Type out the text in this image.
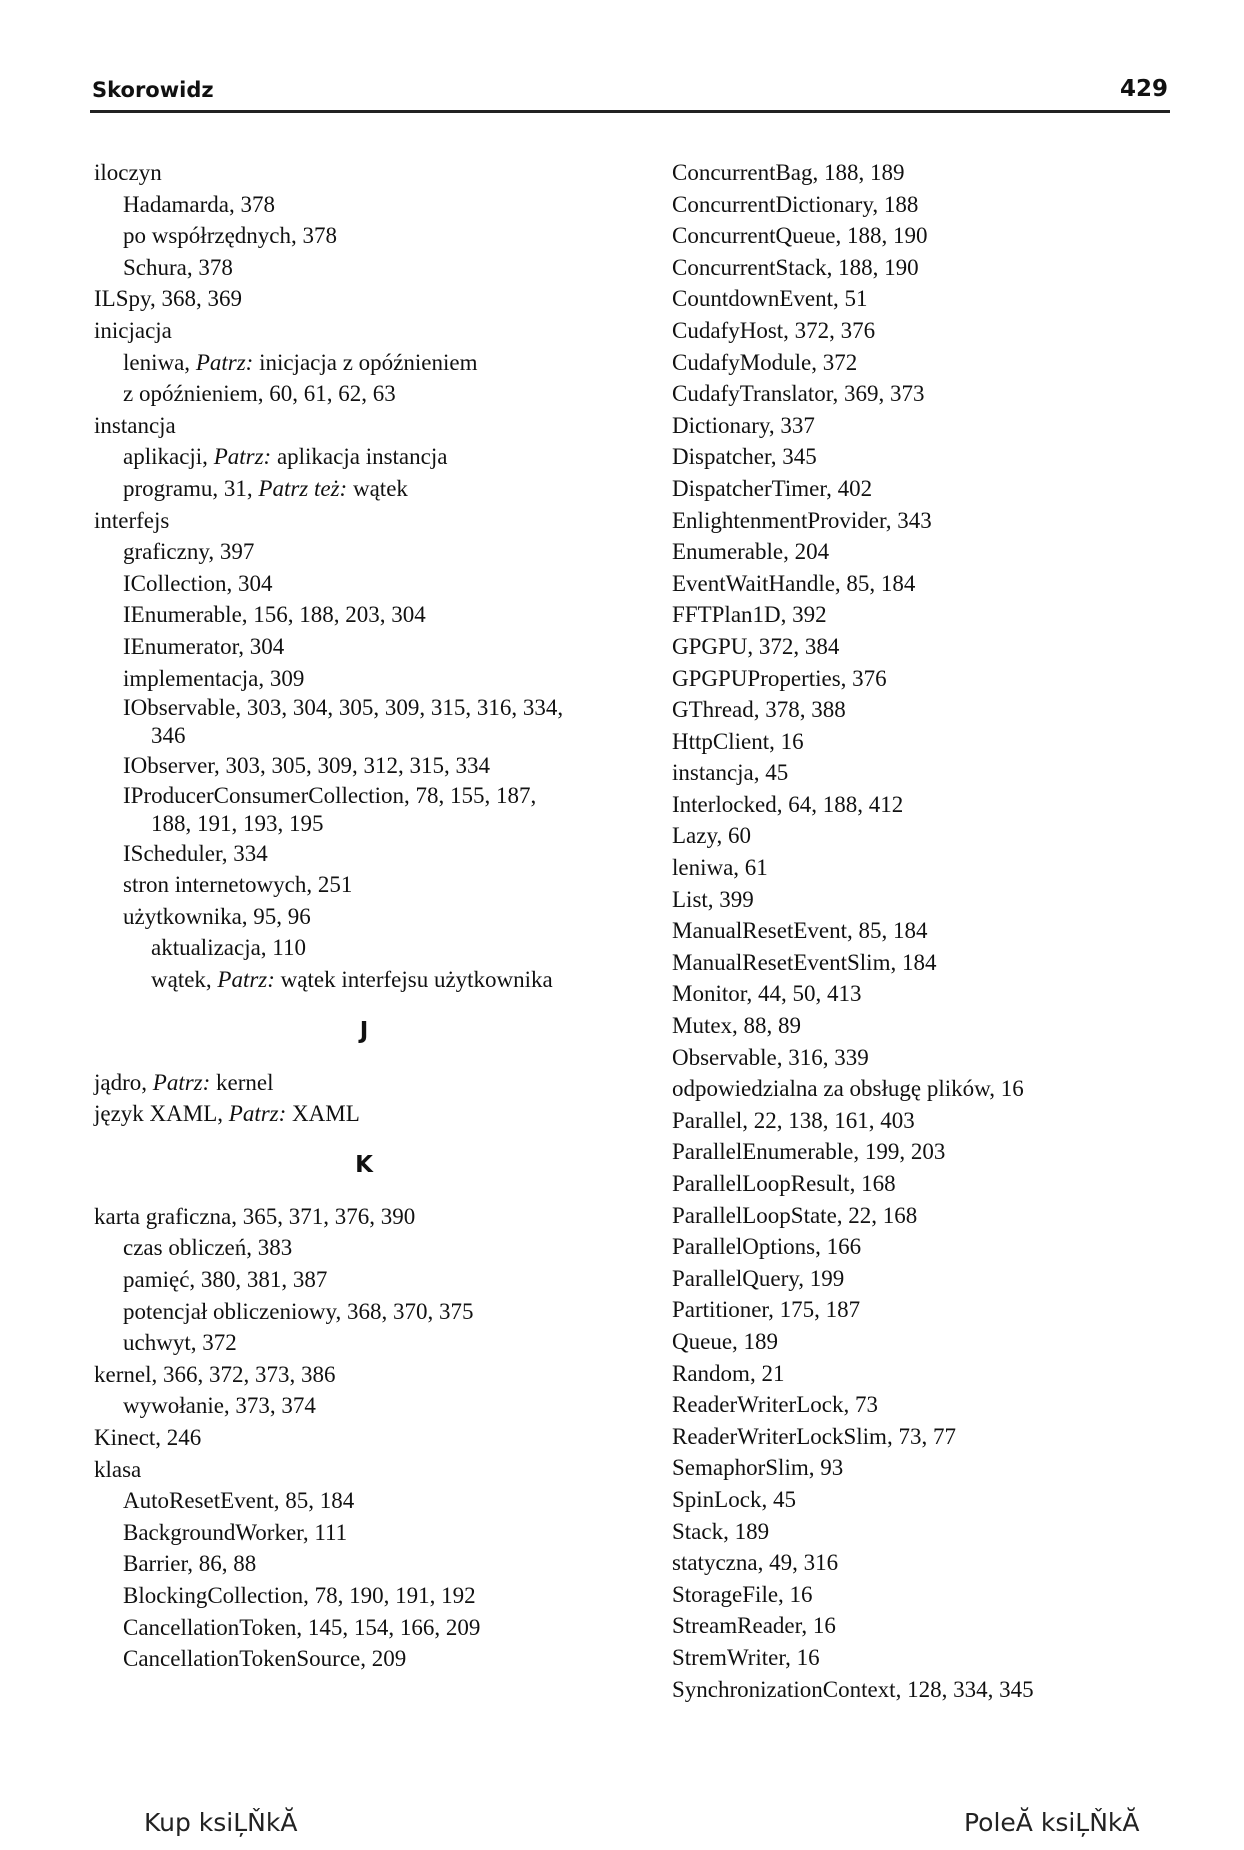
Skorowidz	429
iloczyn
Hadamarda, 378
po współrzędnych, 378
Schura, 378
ILSpy, 368, 369
inicjacja
leniwa, Patrz: inicjacja z opóźnieniem
z opóźnieniem, 60, 61, 62, 63
instancja
aplikacji, Patrz: aplikacja instancja
programu, 31, Patrz też: wątek
interfejs
graficzny, 397
ICollection, 304
IEnumerable, 156, 188, 203, 304
IEnumerator, 304
implementacja, 309
IObservable, 303, 304, 305, 309, 315, 316, 334,
346
IObserver, 303, 305, 309, 312, 315, 334
IProducerConsumerCollection, 78, 155, 187,
188, 191, 193, 195
IScheduler, 334
stron internetowych, 251
użytkownika, 95, 96
aktualizacja, 110
wątek, Patrz: wątek interfejsu użytkownika
J
jądro, Patrz: kernel
język XAML, Patrz: XAML
K
karta graficzna, 365, 371, 376, 390
czas obliczeń, 383
pamięć, 380, 381, 387
potencjał obliczeniowy, 368, 370, 375
uchwyt, 372
kernel, 366, 372, 373, 386
wywołanie, 373, 374
Kinect, 246
klasa
AutoResetEvent, 85, 184
BackgroundWorker, 111
Barrier, 86, 88
BlockingCollection, 78, 190, 191, 192
CancellationToken, 145, 154, 166, 209
CancellationTokenSource, 209
ConcurrentBag, 188, 189
ConcurrentDictionary, 188
ConcurrentQueue, 188, 190
ConcurrentStack, 188, 190
CountdownEvent, 51
CudafyHost, 372, 376
CudafyModule, 372
CudafyTranslator, 369, 373
Dictionary, 337
Dispatcher, 345
DispatcherTimer, 402
EnlightenmentProvider, 343
Enumerable, 204
EventWaitHandle, 85, 184
FFTPlan1D, 392
GPGPU, 372, 384
GPGPUProperties, 376
GThread, 378, 388
HttpClient, 16
instancja, 45
Interlocked, 64, 188, 412
Lazy, 60
leniwa, 61
List, 399
ManualResetEvent, 85, 184
ManualResetEventSlim, 184
Monitor, 44, 50, 413
Mutex, 88, 89
Observable, 316, 339
odpowiedzialna za obsługę plików, 16
Parallel, 22, 138, 161, 403
ParallelEnumerable, 199, 203
ParallelLoopResult, 168
ParallelLoopState, 22, 168
ParallelOptions, 166
ParallelQuery, 199
Partitioner, 175, 187
Queue, 189
Random, 21
ReaderWriterLock, 73
ReaderWriterLockSlim, 73, 77
SemaphorSlim, 93
SpinLock, 45
Stack, 189
statyczna, 49, 316
StorageFile, 16
StreamReader, 16
StremWriter, 16
SynchronizationContext, 128, 334, 345
Kup ksiĻŇkĂ	PoleĂ ksiĻŇkĂ
